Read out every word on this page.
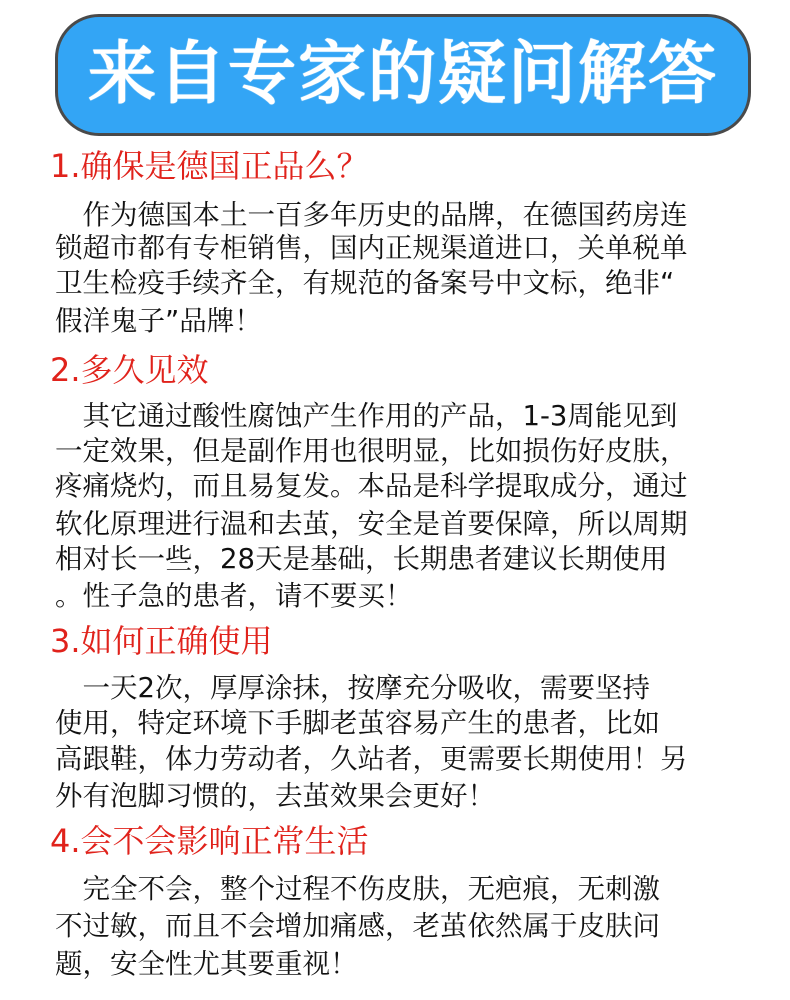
来自专家的疑问解答
1.确保是德国正品么？
　作为德国本土一百多年历史的品牌，在德国药房连
锁超市都有专柜销售，国内正规渠道进口，关单税单
卫生检疫手续齐全，有规范的备案号中文标，绝非“
假洋鬼子”品牌！
2.多久见效
　其它通过酸性腐蚀产生作用的产品，1-3周能见到
一定效果，但是副作用也很明显，比如损伤好皮肤，
疼痛烧灼，而且易复发。本品是科学提取成分，通过
软化原理进行温和去茧，安全是首要保障，所以周期
相对长一些，28天是基础，长期患者建议长期使用
。性子急的患者，请不要买！
3.如何正确使用
　一天2次，厚厚涂抹，按摩充分吸收，需要坚持
使用，特定环境下手脚老茧容易产生的患者，比如
高跟鞋，体力劳动者，久站者，更需要长期使用！另
外有泡脚习惯的，去茧效果会更好！
4.会不会影响正常生活
　完全不会，整个过程不伤皮肤，无疤痕，无刺激
不过敏，而且不会增加痛感，老茧依然属于皮肤问
题，安全性尤其要重视！
